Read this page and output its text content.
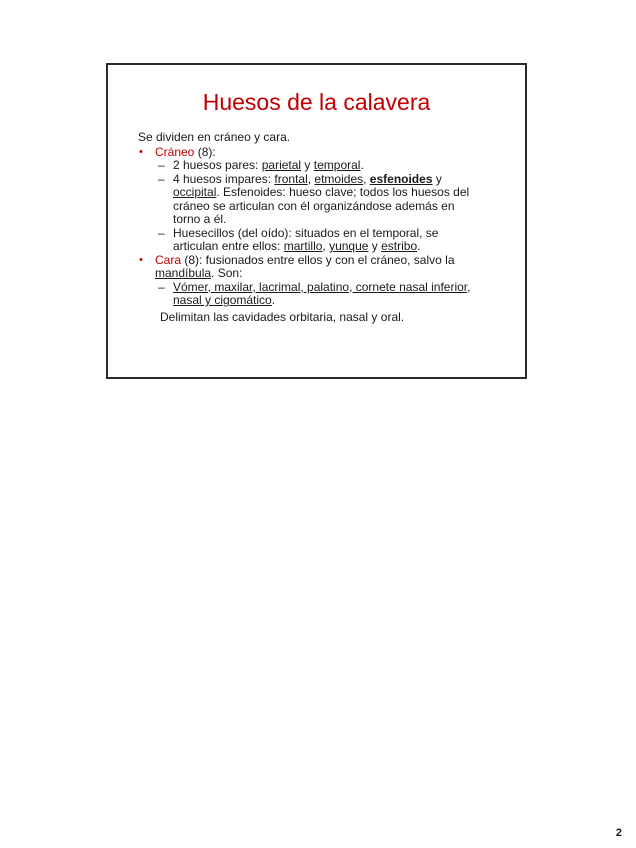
Huesos de la calavera
Se dividen en cráneo y cara.
• Cráneo (8):
– 2 huesos pares: parietal y temporal.
– 4 huesos impares: frontal, etmoides, esfenoides y
occipital. Esfenoides: hueso clave; todos los huesos del
cráneo se articulan con él organizándose además en
torno a él.
– Huesecillos (del oído): situados en el temporal, se
articulan entre ellos: martillo, yunque y estribo.
• Cara (8): fusionados entre ellos y con el cráneo, salvo la
mandíbula. Son:
– Vómer, maxilar, lacrimal, palatino, cornete nasal inferior,
nasal y cigomático.
Delimitan las cavidades orbitaria, nasal y oral.
2
